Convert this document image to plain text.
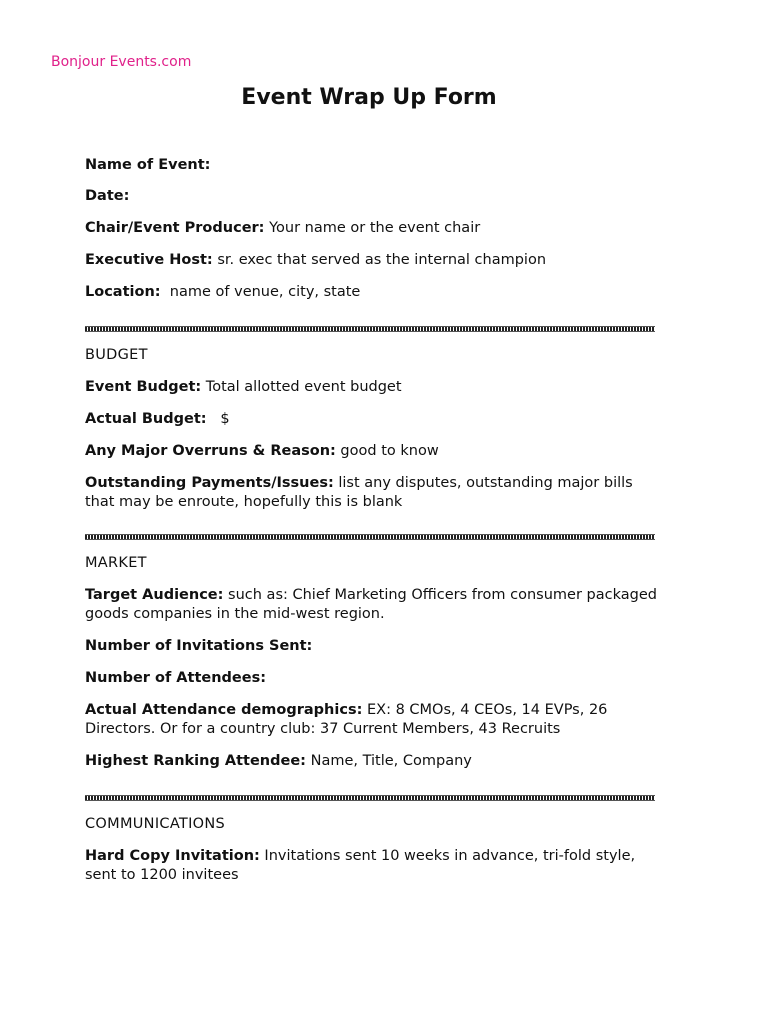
Bonjour Events.com
Event Wrap Up Form
Name of Event:
Date:
Chair/Event Producer: Your name or the event chair
Executive Host: sr. exec that served as the internal champion
Location:  name of venue, city, state
BUDGET
Event Budget: Total allotted event budget
Actual Budget:   $
Any Major Overruns & Reason: good to know
Outstanding Payments/Issues: list any disputes, outstanding major bills that may be enroute, hopefully this is blank
MARKET
Target Audience: such as: Chief Marketing Officers from consumer packaged goods companies in the mid-west region.
Number of Invitations Sent:
Number of Attendees:
Actual Attendance demographics: EX: 8 CMOs, 4 CEOs, 14 EVPs, 26 Directors. Or for a country club: 37 Current Members, 43 Recruits
Highest Ranking Attendee: Name, Title, Company
COMMUNICATIONS
Hard Copy Invitation: Invitations sent 10 weeks in advance, tri-fold style, sent to 1200 invitees
